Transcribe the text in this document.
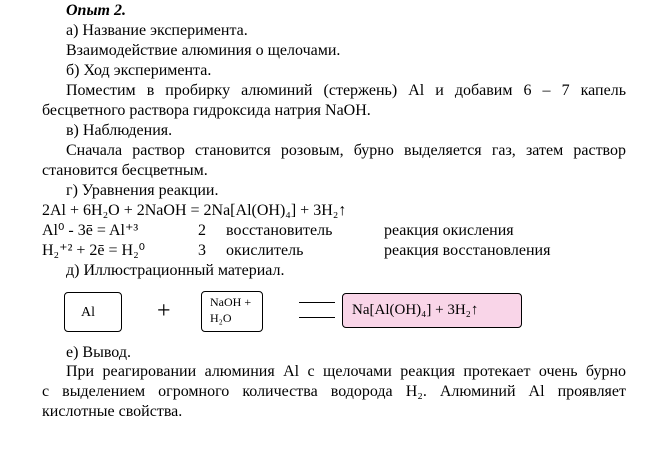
Опыт 2.
а) Название эксперимента.
Взаимодействие алюминия о щелочами.
б) Ход эксперимента.
Поместим в пробирку алюминий (стержень) Al и добавим 6 – 7 капель
бесцветного раствора гидроксида натрия NaOH.
в) Наблюдения.
Сначала раствор становится розовым, бурно выделяется газ, затем раствор
становится бесцветным.
г) Уравнения реакции.
2Al + 6H₂O + 2NaOH = 2Na[Al(OH)₄] + 3H₂↑
Al⁰ - 3ē = Al⁺³	2 восстановитель	реакция окисления
H₂⁺² + 2ē = H₂⁰	3 окислитель	реакция восстановления
д) Иллюстрационный материал.
Al	+	NaOH +
H₂O	Na[Al(OH)₄] + 3H₂↑
е) Вывод.
При реагировании алюминия Al с щелочами реакция протекает очень бурно
с выделением огромного количества водорода H₂. Алюминий Al проявляет
кислотные свойства.
